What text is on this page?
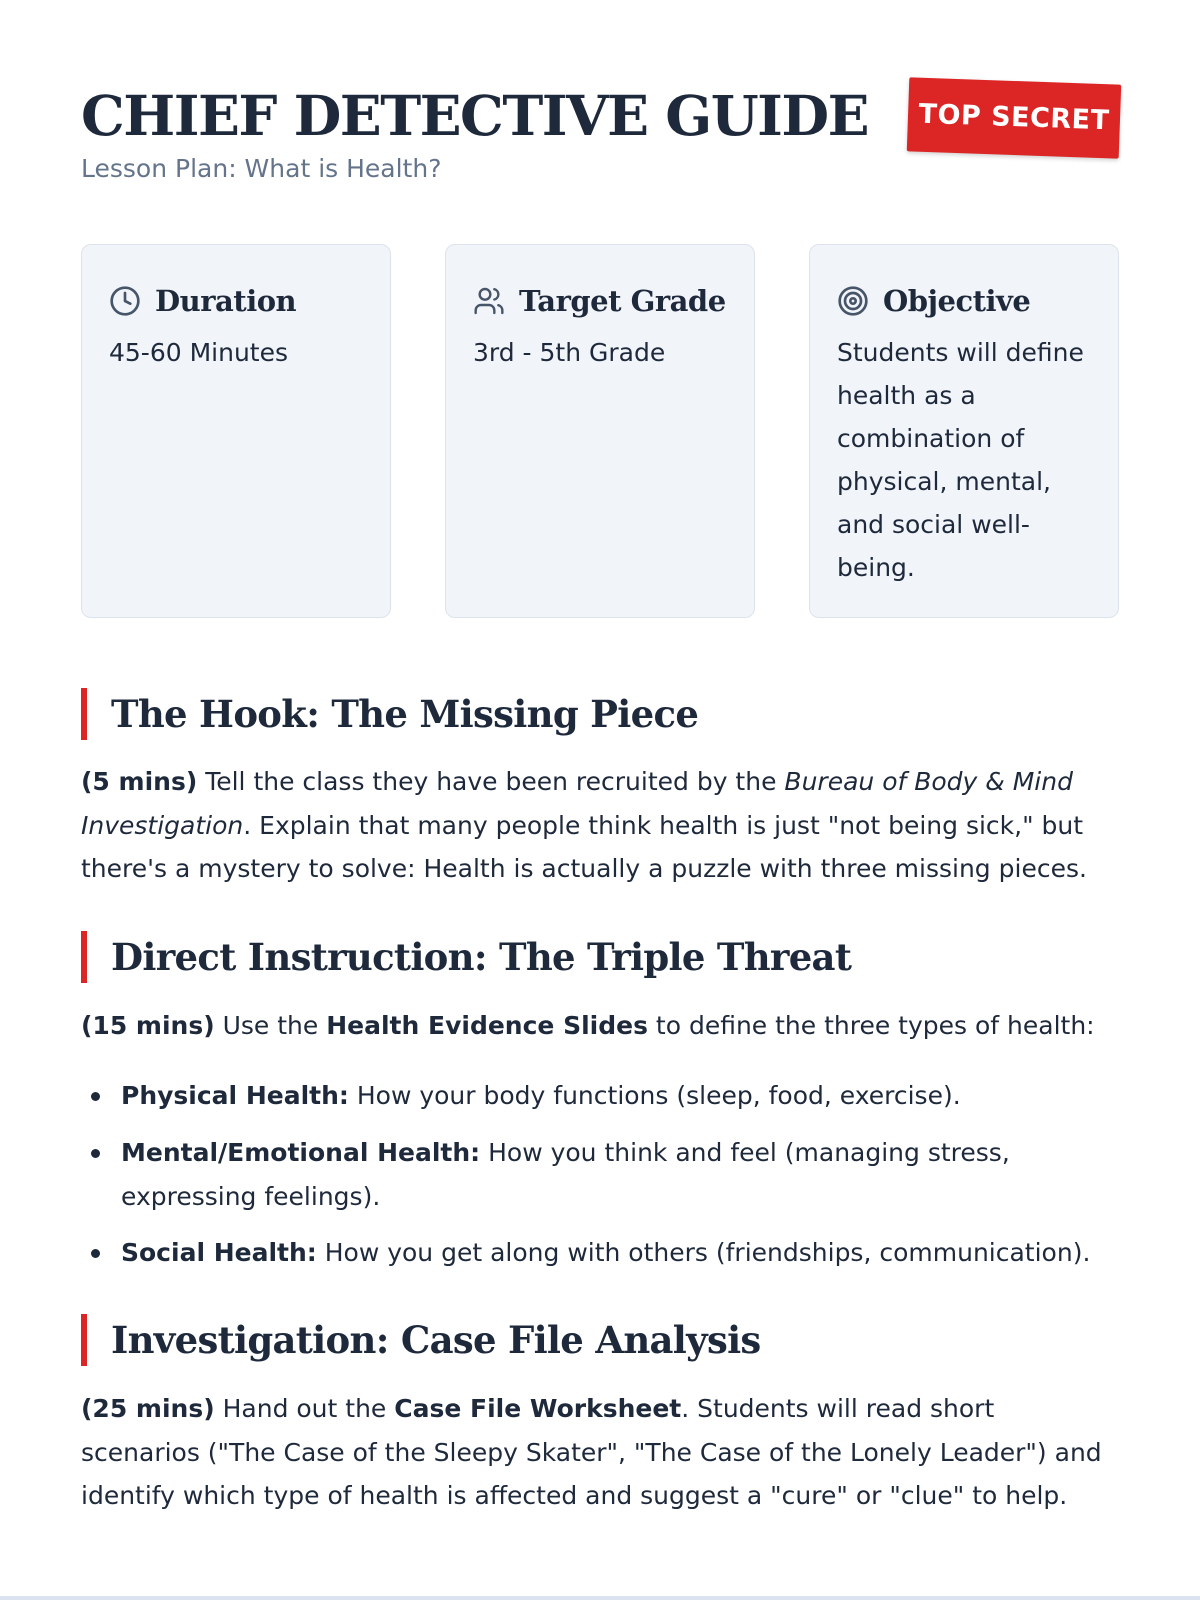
CHIEF DETECTIVE GUIDE

Lesson Plan: What is Health?

TOP SECRET
Duration
45-60 Minutes
Target Grade
3rd - 5th Grade
Objective
Students will define health as a combination of physical, mental, and social well-being.
The Hook: The Missing Piece

(5 mins) Tell the class they have been recruited by the Bureau of Body & Mind Investigation. Explain that many people think health is just "not being sick," but there's a mystery to solve: Health is actually a puzzle with three missing pieces.

Direct Instruction: The Triple Threat

(15 mins) Use the Health Evidence Slides to define the three types of health:

Physical Health: How your body functions (sleep, food, exercise).
Mental/Emotional Health: How you think and feel (managing stress, expressing feelings).
Social Health: How you get along with others (friendships, communication).
Investigation: Case File Analysis

(25 mins) Hand out the Case File Worksheet. Students will read short scenarios ("The Case of the Sleepy Skater", "The Case of the Lonely Leader") and identify which type of health is affected and suggest a "cure" or "clue" to help.
